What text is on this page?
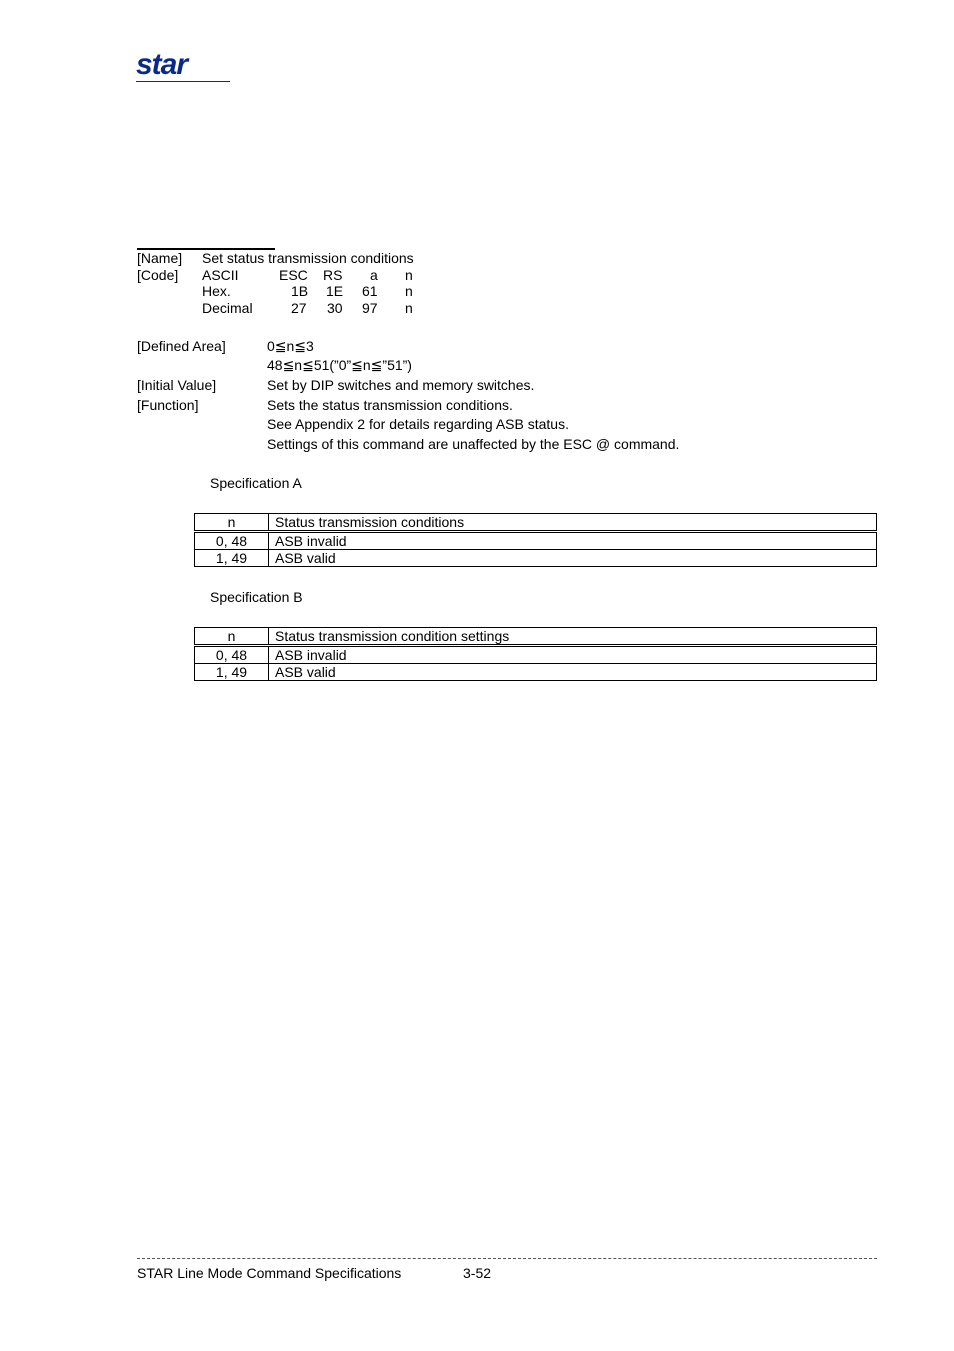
star
[Name] Set status transmission conditions
[Code] ASCII	ESC RS a n
Hex.	1B 1E 61 n
Decimal	27 30 97 n
[Defined Area]	0≦n≦3
48≦n≦51(”0”≦n≦”51”)
[Initial Value]	Set by DIP switches and memory switches.
[Function]	Sets the status transmission conditions.
See Appendix 2 for details regarding ASB status.
Settings of this command are unaffected by the ESC @ command.
Specification A
n	Status transmission conditions
0, 48	ASB invalid
1, 49	ASB valid
Specification B
n	Status transmission condition settings
0, 48	ASB invalid
1, 49	ASB valid
STAR Line Mode Command Specifications	3-52
